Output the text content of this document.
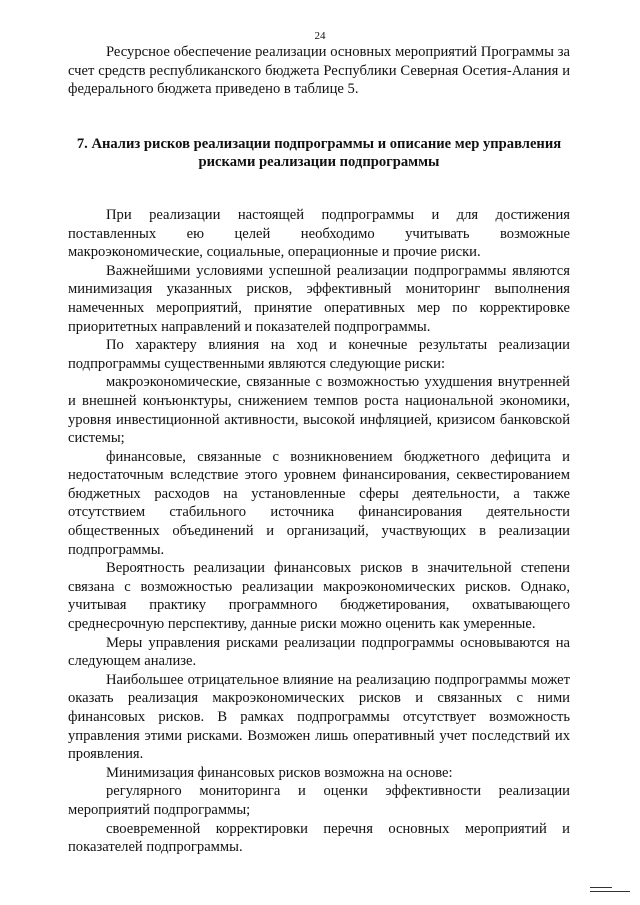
24

Ресурсное обеспечение реализации основных мероприятий Программы за счет средств республиканского бюджета Республики Северная Осетия-Алания и федерального бюджета приведено в таблице 5.

7. Анализ рисков реализации подпрограммы и описание мер управления рисками реализации подпрограммы

При реализации настоящей подпрограммы и для достижения поставленных ею целей необходимо учитывать возможные макроэкономические, социальные, операционные и прочие риски.

Важнейшими условиями успешной реализации подпрограммы являются минимизация указанных рисков, эффективный мониторинг выполнения намеченных мероприятий, принятие оперативных мер по корректировке приоритетных направлений и показателей подпрограммы.

По характеру влияния на ход и конечные результаты реализации подпрограммы существенными являются следующие риски:

макроэкономические, связанные с возможностью ухудшения внутренней и внешней конъюнктуры, снижением темпов роста национальной экономики, уровня инвестиционной активности, высокой инфляцией, кризисом банковской системы;

финансовые, связанные с возникновением бюджетного дефицита и недостаточным вследствие этого уровнем финансирования, секвестированием бюджетных расходов на установленные сферы деятельности, а также отсутствием стабильного источника финансирования деятельности общественных объединений и организаций, участвующих в реализации подпрограммы.

Вероятность реализации финансовых рисков в значительной степени связана с возможностью реализации макроэкономических рисков. Однако, учитывая практику программного бюджетирования, охватывающего среднесрочную перспективу, данные риски можно оценить как умеренные.

Меры управления рисками реализации подпрограммы основываются на следующем анализе.

Наибольшее отрицательное влияние на реализацию подпрограммы может оказать реализация макроэкономических рисков и связанных с ними финансовых рисков. В рамках подпрограммы отсутствует возможность управления этими рисками. Возможен лишь оперативный учет последствий их проявления.

Минимизация финансовых рисков возможна на основе:

регулярного мониторинга и оценки эффективности реализации мероприятий подпрограммы;

своевременной корректировки перечня основных мероприятий и показателей подпрограммы.
